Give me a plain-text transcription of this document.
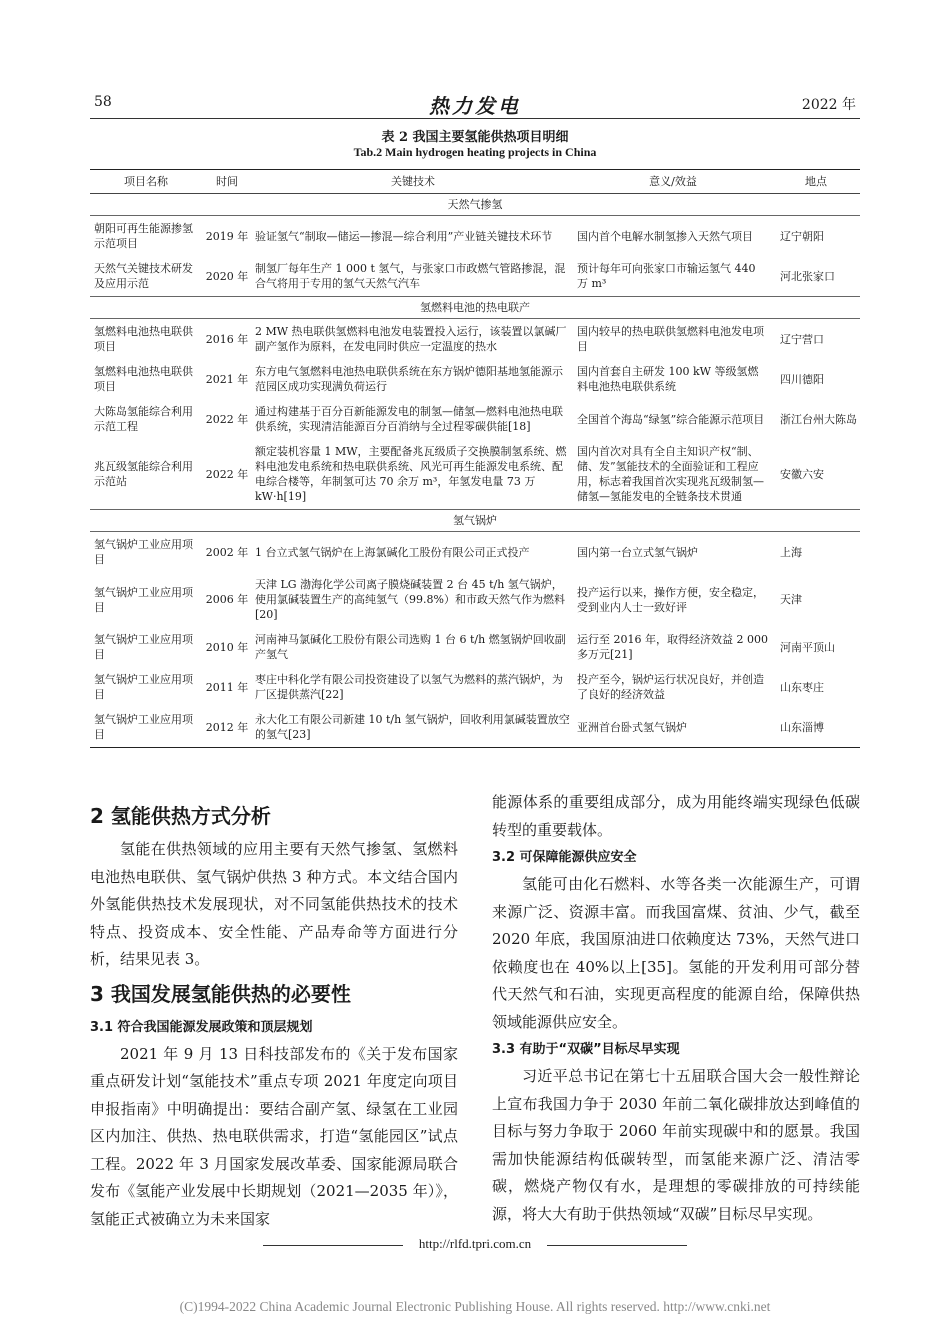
58	热力发电	2022 年
表 2 我国主要氢能供热项目明细
Tab.2 Main hydrogen heating projects in China
项目名称	时间	关键技术	意义/效益	地点
天然气掺氢				
朝阳可再生能源掺氢示范项目	2019 年	验证氢气“制取—储运—掺混—综合利用”产业链关键技术环节	国内首个电解水制氢掺入天然气项目	辽宁朝阳
天然气关键技术研发及应用示范	2020 年	制氢厂每年生产 1 000 t 氢气，与张家口市政燃气管路掺混，混合气将用于专用的氢气天然气汽车	预计每年可向张家口市输运氢气 440 万 m³	河北张家口
氢燃料电池的热电联产				
氢燃料电池热电联供项目	2016 年	2 MW 热电联供氢燃料电池发电装置投入运行，该装置以氯碱厂副产氢作为原料，在发电同时供应一定温度的热水	国内较早的热电联供氢燃料电池发电项目	辽宁营口
氢燃料电池热电联供项目	2021 年	东方电气氢燃料电池热电联供系统在东方锅炉德阳基地氢能源示范园区成功实现满负荷运行	国内首套自主研发 100 kW 等级氢燃料电池热电联供系统	四川德阳
大陈岛氢能综合利用示范工程	2022 年	通过构建基于百分百新能源发电的制氢—储氢—燃料电池热电联供系统，实现清洁能源百分百消纳与全过程零碳供能[18]	全国首个海岛“绿氢”综合能源示范项目	浙江台州大陈岛
兆瓦级氢能综合利用示范站	2022 年	额定装机容量 1 MW，主要配备兆瓦级质子交换膜制氢系统、燃料电池发电系统和热电联供系统、风光可再生能源发电系统、配电综合楼等，年制氢可达 70 余万 m³，年氢发电量 73 万 kW·h[19]	国内首次对具有全自主知识产权“制、储、发”氢能技术的全面验证和工程应用，标志着我国首次实现兆瓦级制氢—储氢—氢能发电的全链条技术贯通	安徽六安
氢气锅炉				
氢气锅炉工业应用项目	2002 年	1 台立式氢气锅炉在上海氯碱化工股份有限公司正式投产	国内第一台立式氢气锅炉	上海
氢气锅炉工业应用项目	2006 年	天津 LG 渤海化学公司离子膜烧碱装置 2 台 45 t/h 氢气锅炉，使用氯碱装置生产的高纯氢气（99.8%）和市政天然气作为燃料[20]	投产运行以来，操作方便，安全稳定，受到业内人士一致好评	天津
氢气锅炉工业应用项目	2010 年	河南神马氯碱化工股份有限公司选购 1 台 6 t/h 燃氢锅炉回收副产氢气	运行至 2016 年，取得经济效益 2 000 多万元[21]	河南平顶山
氢气锅炉工业应用项目	2011 年	枣庄中科化学有限公司投资建设了以氢气为燃料的蒸汽锅炉，为厂区提供蒸汽[22]	投产至今，锅炉运行状况良好，并创造了良好的经济效益	山东枣庄
氢气锅炉工业应用项目	2012 年	永大化工有限公司新建 10 t/h 氢气锅炉，回收利用氯碱装置放空的氢气[23]	亚洲首台卧式氢气锅炉	山东淄博
2 氢能供热方式分析

氢能在供热领域的应用主要有天然气掺氢、氢燃料电池热电联供、氢气锅炉供热 3 种方式。本文结合国内外氢能供热技术发展现状，对不同氢能供热技术的技术特点、投资成本、安全性能、产品寿命等方面进行分析，结果见表 3。

3 我国发展氢能供热的必要性
3.1 符合我国能源发展政策和顶层规划

2021 年 9 月 13 日科技部发布的《关于发布国家重点研发计划“氢能技术”重点专项 2021 年度定向项目申报指南》中明确提出：要结合副产氢、绿氢在工业园区内加注、供热、热电联供需求，打造“氢能园区”试点工程。2022 年 3 月国家发展改革委、国家能源局联合发布《氢能产业发展中长期规划（2021—2035 年）》，氢能正式被确立为未来国家

能源体系的重要组成部分，成为用能终端实现绿色低碳转型的重要载体。

3.2 可保障能源供应安全

氢能可由化石燃料、水等各类一次能源生产，可谓来源广泛、资源丰富。而我国富煤、贫油、少气，截至 2020 年底，我国原油进口依赖度达 73%，天然气进口依赖度也在 40%以上[35]。氢能的开发利用可部分替代天然气和石油，实现更高程度的能源自给，保障供热领域能源供应安全。

3.3 有助于“双碳”目标尽早实现

习近平总书记在第七十五届联合国大会一般性辩论上宣布我国力争于 2030 年前二氧化碳排放达到峰值的目标与努力争取于 2060 年前实现碳中和的愿景。我国需加快能源结构低碳转型，而氢能来源广泛、清洁零碳，燃烧产物仅有水，是理想的零碳排放的可持续能源，将大大有助于供热领域“双碳”目标尽早实现。

http://rlfd.tpri.com.cn
(C)1994-2022 China Academic Journal Electronic Publishing House. All rights reserved. http://www.cnki.net
